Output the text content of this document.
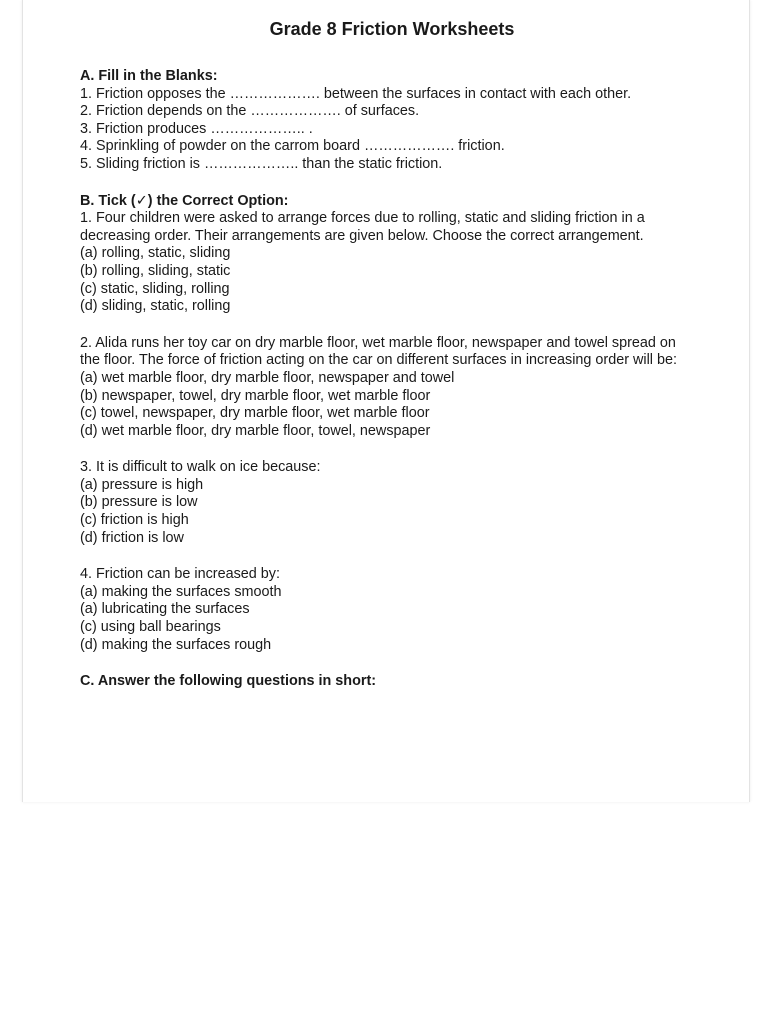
Grade 8 Friction Worksheets

A. Fill in the Blanks:

1. Friction opposes the ………………. between the surfaces in contact with each other.

2. Friction depends on the ………………. of surfaces.

3. Friction produces ……………….. .

4. Sprinkling of powder on the carrom board ………………. friction.

5. Sliding friction is ……………….. than the static friction.

B. Tick (✓) the Correct Option:

1. Four children were asked to arrange forces due to rolling, static and sliding friction in a decreasing order. Their arrangements are given below. Choose the correct arrangement.

(a) rolling, static, sliding

(b) rolling, sliding, static

(c) static, sliding, rolling

(d) sliding, static, rolling

2. Alida runs her toy car on dry marble floor, wet marble floor, newspaper and towel spread on the floor. The force of friction acting on the car on different surfaces in increasing order will be:

(a) wet marble floor, dry marble floor, newspaper and towel

(b) newspaper, towel, dry marble floor, wet marble floor

(c) towel, newspaper, dry marble floor, wet marble floor

(d) wet marble floor, dry marble floor, towel, newspaper

3. It is difficult to walk on ice because:

(a) pressure is high

(b) pressure is low

(c) friction is high

(d) friction is low

4. Friction can be increased by:

(a) making the surfaces smooth

(a) lubricating the surfaces

(c) using ball bearings

(d) making the surfaces rough

C. Answer the following questions in short:
